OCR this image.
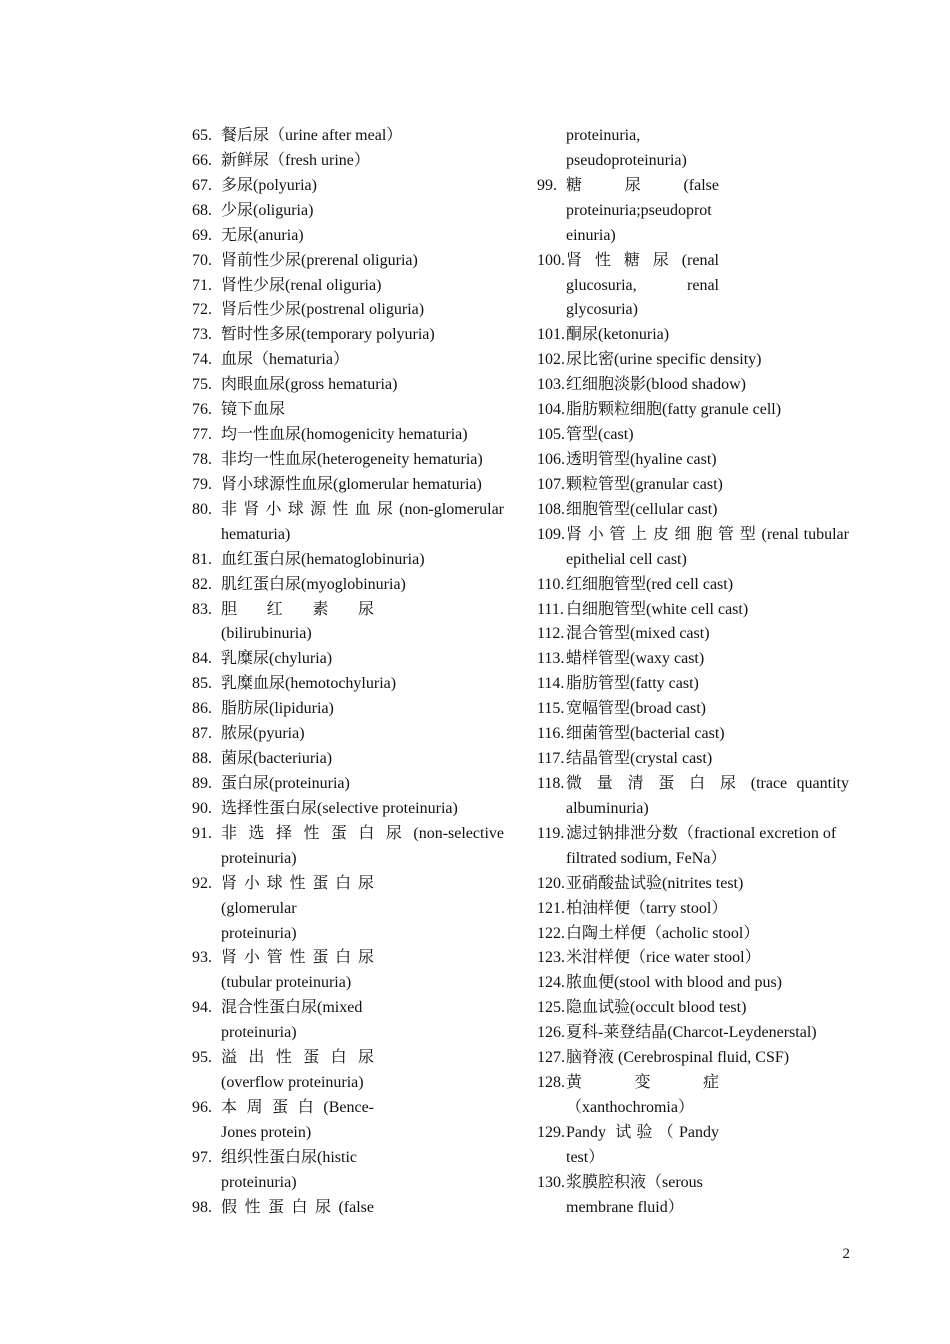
65. 餐后尿（urine after meal）
66. 新鲜尿（fresh urine）
67. 多尿(polyuria)
68. 少尿(oliguria)
69. 无尿(anuria)
70. 肾前性少尿(prerenal oliguria)
71. 肾性少尿(renal oliguria)
72. 肾后性少尿(postrenal oliguria)
73. 暂时性多尿(temporary polyuria)
74. 血尿（hematuria）
75. 肉眼血尿(gross hematuria)
76. 镜下血尿
77. 均一性血尿(homogenicity hematuria)
78. 非均一性血尿(heterogeneity hematuria)
79. 肾小球源性血尿(glomerular hematuria)
80. 非 肾 小 球 源 性 血 尿 (non-glomerular
hematuria)
81. 血红蛋白尿(hematoglobinuria)
82. 肌红蛋白尿(myoglobinuria)
83. 胆 红 素 尿
(bilirubinuria)
84. 乳糜尿(chyluria)
85. 乳糜血尿(hemotochyluria)
86. 脂肪尿(lipiduria)
87. 脓尿(pyuria)
88. 菌尿(bacteriuria)
89. 蛋白尿(proteinuria)
90. 选择性蛋白尿(selective proteinuria)
91. 非 选 择 性 蛋 白 尿 (non-selective
proteinuria)
92. 肾 小 球 性 蛋 白 尿
(glomerular
proteinuria)
93. 肾 小 管 性 蛋 白 尿
(tubular proteinuria)
94. 混合性蛋白尿(mixed
proteinuria)
95. 溢 出 性 蛋 白 尿
(overflow proteinuria)
96. 本 周 蛋 白 (Bence-
Jones protein)
97. 组织性蛋白尿(histic
proteinuria)
98. 假 性 蛋 白 尿 (false
proteinuria,
pseudoproteinuria)
99. 糖 尿 (false
proteinuria;pseudoprot
einuria)
100. 肾 性 糖 尿 (renal
glucosuria, renal
glycosuria)
101. 酮尿(ketonuria)
102. 尿比密(urine specific density)
103. 红细胞淡影(blood shadow)
104. 脂肪颗粒细胞(fatty granule cell)
105. 管型(cast)
106. 透明管型(hyaline cast)
107. 颗粒管型(granular cast)
108. 细胞管型(cellular cast)
109. 肾 小 管 上 皮 细 胞 管 型 (renal tubular
epithelial cell cast)
110. 红细胞管型(red cell cast)
111. 白细胞管型(white cell cast)
112. 混合管型(mixed cast)
113. 蜡样管型(waxy cast)
114. 脂肪管型(fatty cast)
115. 宽幅管型(broad cast)
116. 细菌管型(bacterial cast)
117. 结晶管型(crystal cast)
118. 微 量 清 蛋 白 尿 (trace quantity
albuminuria)
119. 滤过钠排泄分数（fractional excretion of
filtrated sodium, FeNa）
120. 亚硝酸盐试验(nitrites test)
121. 柏油样便（tarry stool）
122. 白陶土样便（acholic stool）
123. 米泔样便（rice water stool）
124. 脓血便(stool with blood and pus)
125. 隐血试验(occult blood test)
126. 夏科-莱登结晶(Charcot-Leydenerstal)
127. 脑脊液 (Cerebrospinal fluid, CSF)
128. 黄 变 症
（xanthochromia）
129. Pandy 试验（Pandy
test）
130. 浆膜腔积液（serous
membrane fluid）
2
